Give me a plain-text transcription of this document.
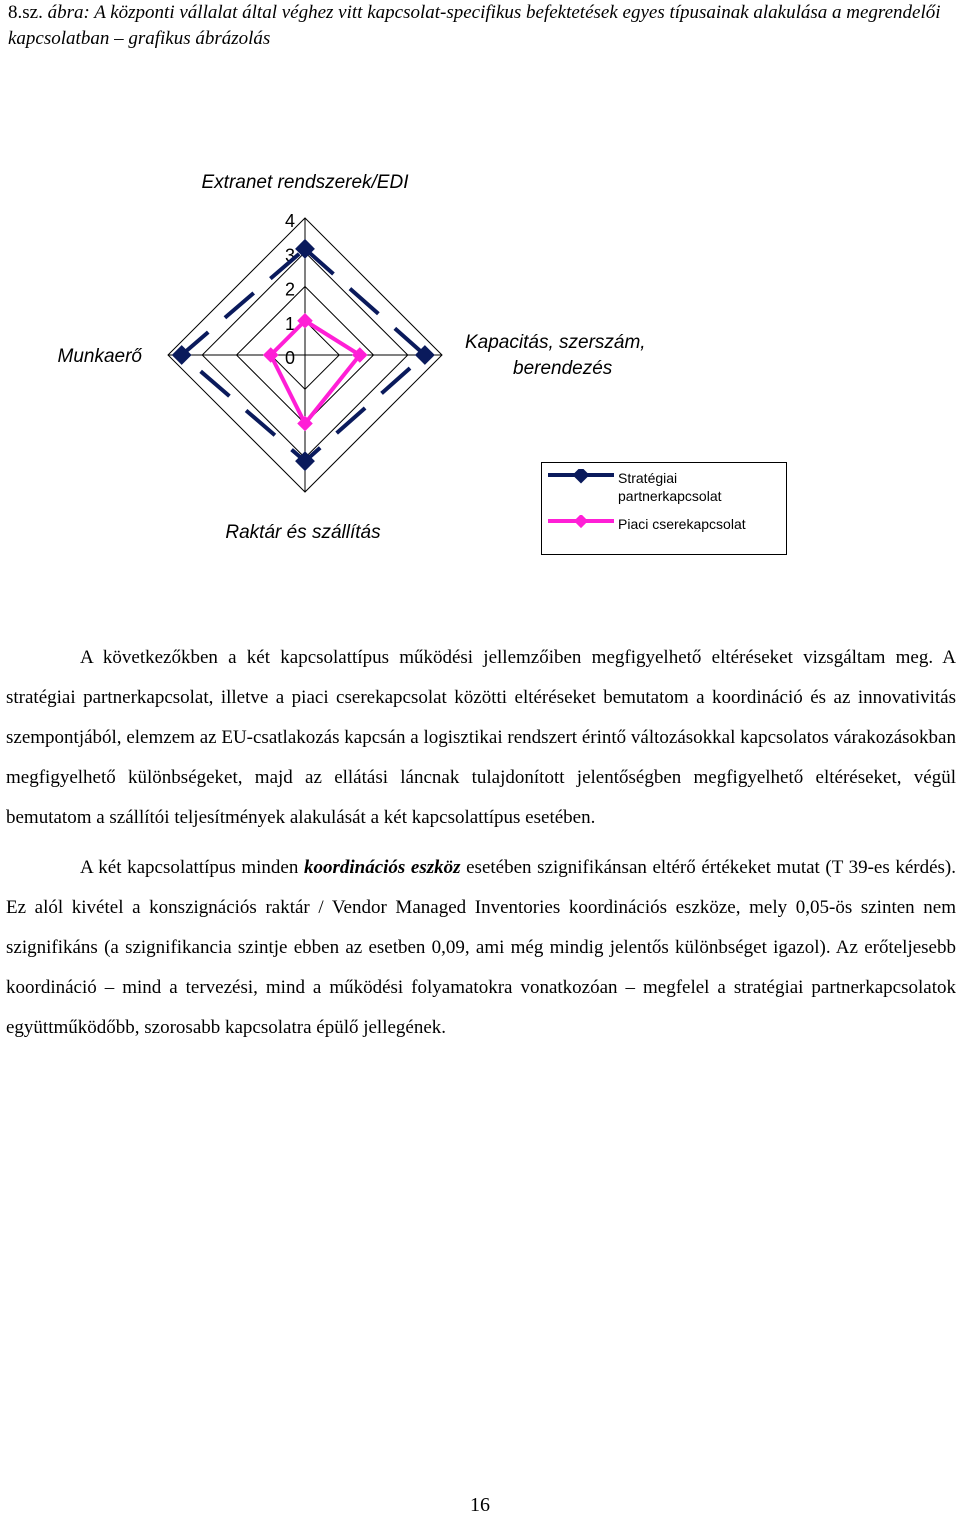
8.sz. ábra: A központi vállalat által véghez vitt kapcsolat-specifikus befektetések egyes típusainak alakulása a megrendelői kapcsolatban – grafikus ábrázolás
0
1
2
3
4
Extranet rendszerek/EDI
Kapacitás, szerszám, berendezés
Raktár és szállítás
Munkaerő
Stratégiai partnerkapcsolat
Piaci cserekapcsolat

A következőkben a két kapcsolattípus működési jellemzőiben megfigyelhető eltéréseket vizsgáltam meg. A stratégiai partnerkapcsolat, illetve a piaci cserekapcsolat közötti eltéréseket bemutatom a koordináció és az innovativitás szempontjából, elemzem az EU-csatlakozás kapcsán a logisztikai rendszert érintő változásokkal kapcsolatos várakozásokban megfigyelhető különbségeket, majd az ellátási láncnak tulajdonított jelentőségben megfigyelhető eltéréseket, végül bemutatom a szállítói teljesítmények alakulását a két kapcsolattípus esetében.

A két kapcsolattípus minden koordinációs eszköz esetében szignifikánsan eltérő értékeket mutat (T 39-es kérdés). Ez alól kivétel a konszignációs raktár / Vendor Managed Inventories koordinációs eszköze, mely 0,05-ös szinten nem szignifikáns (a szignifikancia szintje ebben az esetben 0,09, ami még mindig jelentős különbséget igazol). Az erőteljesebb koordináció – mind a tervezési, mind a működési folyamatokra vonatkozóan – megfelel a stratégiai partnerkapcsolatok együttműködőbb, szorosabb kapcsolatra épülő jellegének.

16
